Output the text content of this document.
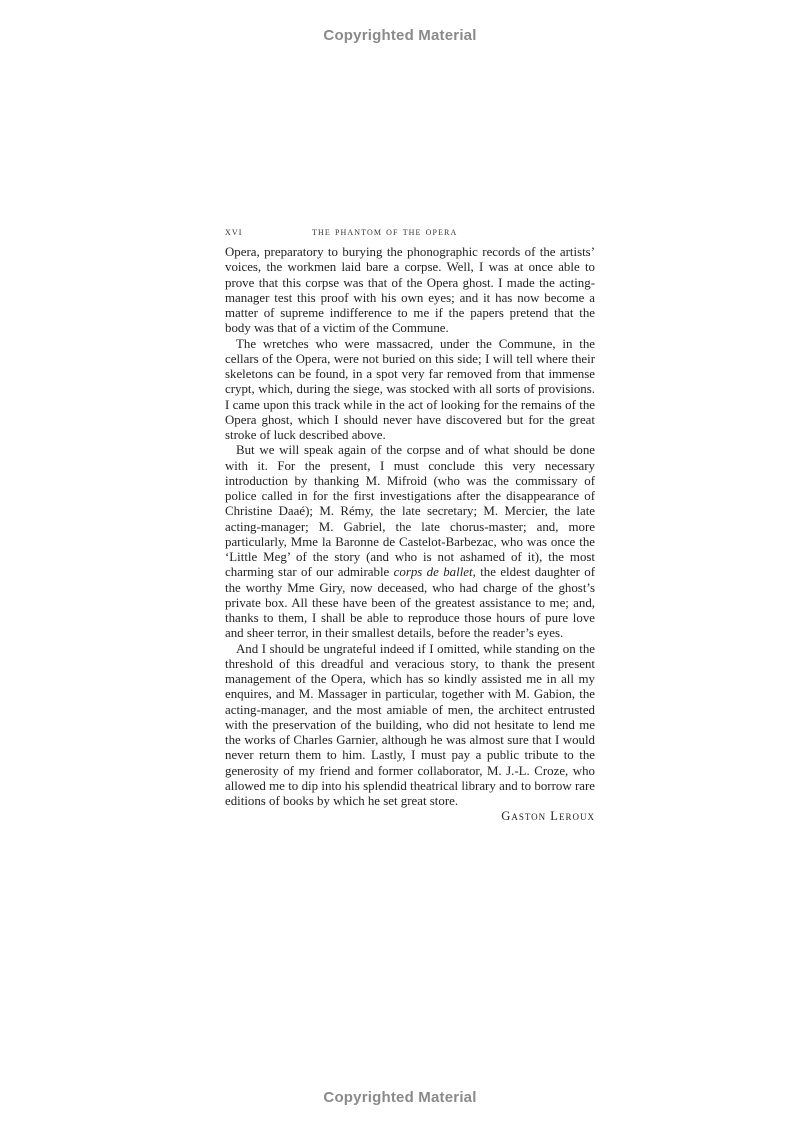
Copyrighted Material
xvi	the phantom of the opera

Opera, preparatory to burying the phonographic records of the artists’ voices, the workmen laid bare a corpse. Well, I was at once able to prove that this corpse was that of the Opera ghost. I made the acting-manager test this proof with his own eyes; and it has now become a matter of supreme indifference to me if the papers pretend that the body was that of a victim of the Commune.

The wretches who were massacred, under the Commune, in the cellars of the Opera, were not buried on this side; I will tell where their skeletons can be found, in a spot very far removed from that immense crypt, which, during the siege, was stocked with all sorts of provisions. I came upon this track while in the act of looking for the remains of the Opera ghost, which I should never have discovered but for the great stroke of luck described above.

But we will speak again of the corpse and of what should be done with it. For the present, I must conclude this very necessary introduction by thanking M. Mifroid (who was the commissary of police called in for the first investigations after the disappearance of Christine Daaé); M. Rémy, the late secretary; M. Mercier, the late acting-manager; M. Gabriel, the late chorus-master; and, more particularly, Mme la Baronne de Castelot-Barbezac, who was once the ‘Little Meg’ of the story (and who is not ashamed of it), the most charming star of our admirable corps de ballet, the eldest daughter of the worthy Mme Giry, now deceased, who had charge of the ghost’s private box. All these have been of the greatest assistance to me; and, thanks to them, I shall be able to reproduce those hours of pure love and sheer terror, in their smallest details, before the reader’s eyes.

And I should be ungrateful indeed if I omitted, while standing on the threshold of this dreadful and veracious story, to thank the present management of the Opera, which has so kindly assisted me in all my enquires, and M. Massager in particular, together with M. Gabion, the acting-manager, and the most amiable of men, the architect entrusted with the preservation of the building, who did not hesitate to lend me the works of Charles Garnier, although he was almost sure that I would never return them to him. Lastly, I must pay a public tribute to the generosity of my friend and former collaborator, M. J.-L. Croze, who allowed me to dip into his splendid theatrical library and to borrow rare editions of books by which he set great store.

Gaston Leroux
Copyrighted Material
